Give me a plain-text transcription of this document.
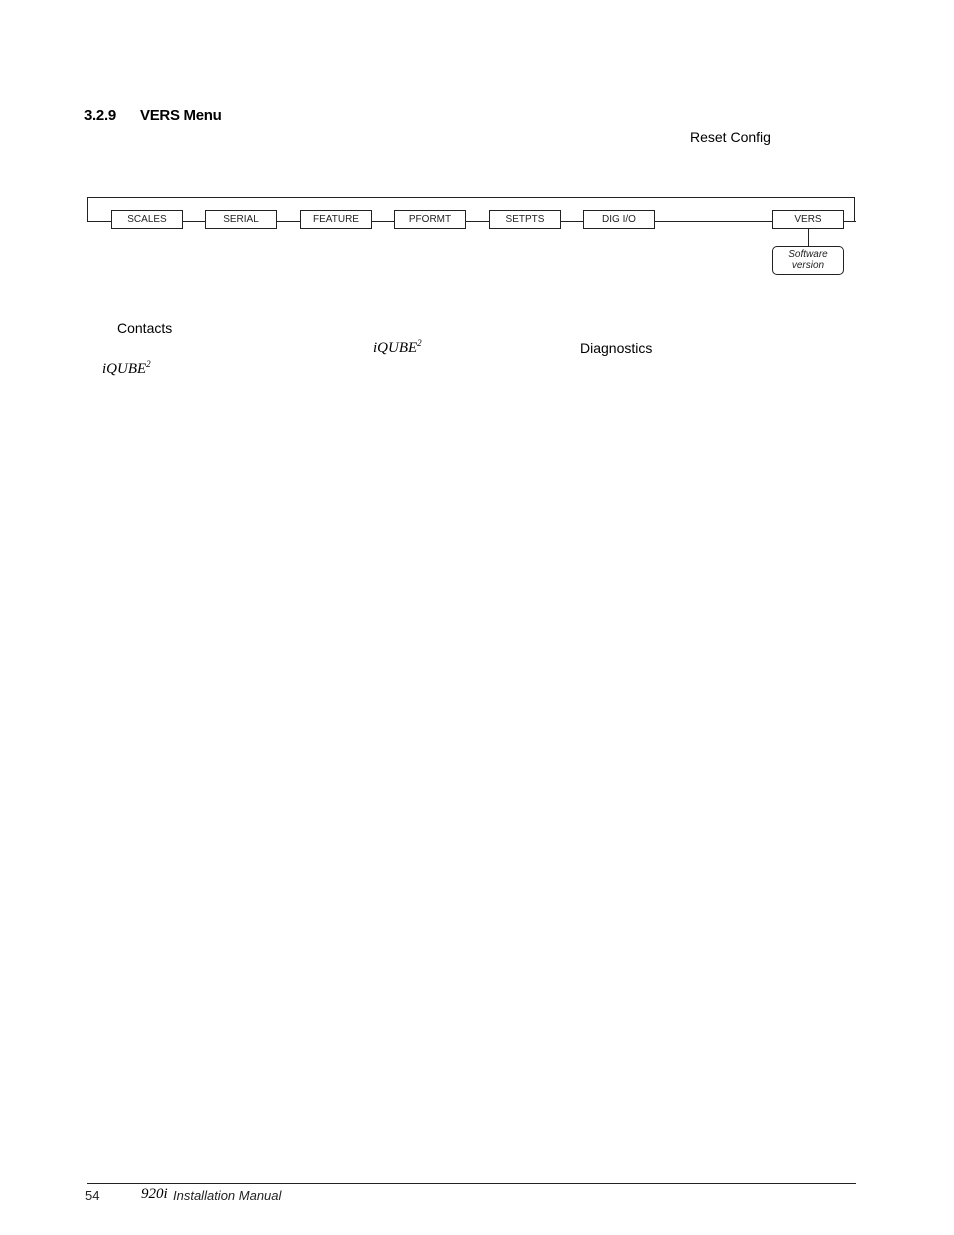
3.2.9 VERS Menu
Reset Config
SCALES	SERIAL	FEATURE	PFORMT	SETPTS	DIG I/O	VERS
Software
version
Contacts
iQUBE$^2$	Diagnostics
iQUBE$^2$
54	920i Installation Manual
